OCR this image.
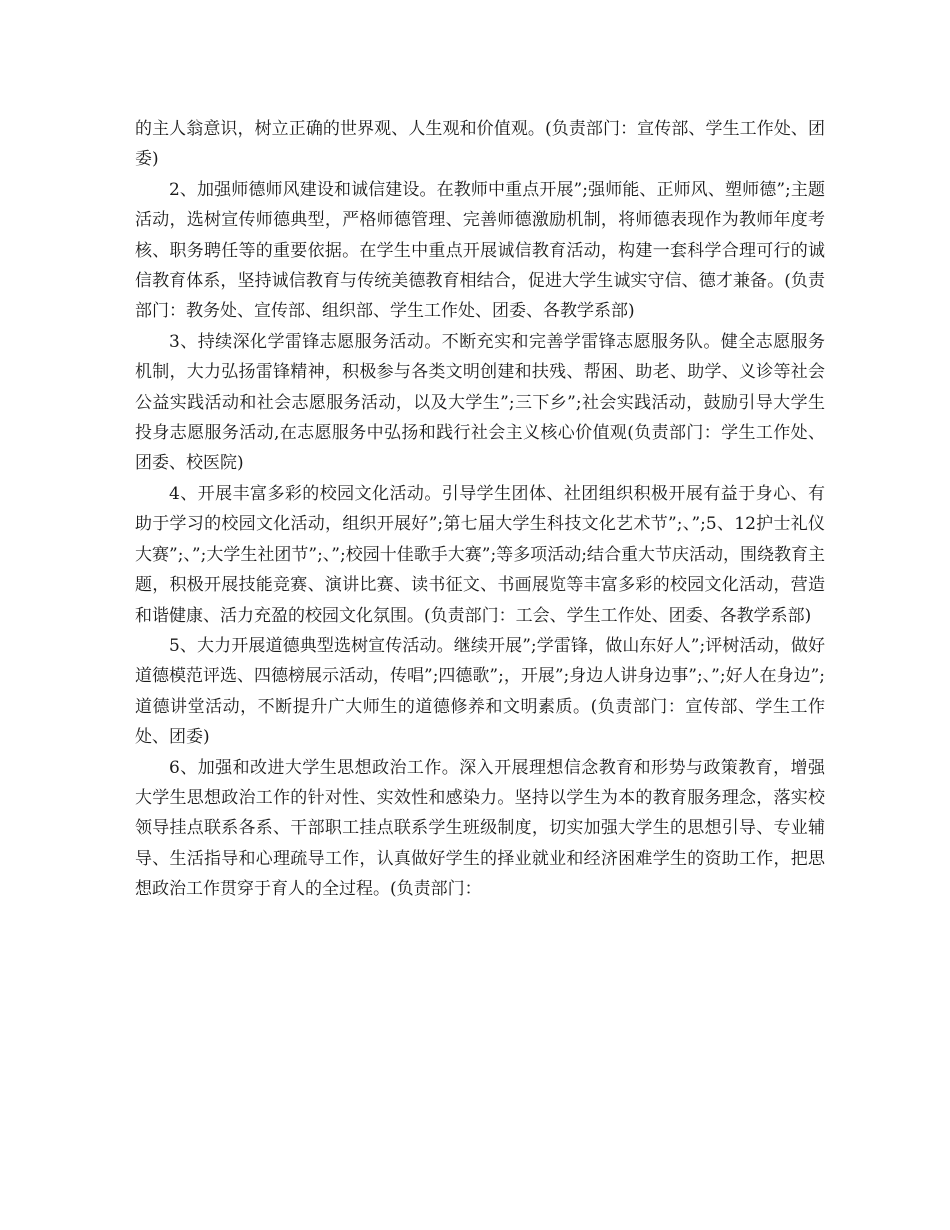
的主人翁意识，树立正确的世界观、人生观和价值观。(负责部门：宣传部、学生工作处、团委)

2、加强师德师风建设和诚信建设。在教师中重点开展”;强师能、正师风、塑师德”;主题活动，选树宣传师德典型，严格师德管理、完善师德激励机制，将师德表现作为教师年度考核、职务聘任等的重要依据。在学生中重点开展诚信教育活动，构建一套科学合理可行的诚信教育体系，坚持诚信教育与传统美德教育相结合，促进大学生诚实守信、德才兼备。(负责部门：教务处、宣传部、组织部、学生工作处、团委、各教学系部)

3、持续深化学雷锋志愿服务活动。不断充实和完善学雷锋志愿服务队。健全志愿服务机制，大力弘扬雷锋精神，积极参与各类文明创建和扶残、帮困、助老、助学、义诊等社会公益实践活动和社会志愿服务活动，以及大学生”;三下乡”;社会实践活动，鼓励引导大学生投身志愿服务活动,在志愿服务中弘扬和践行社会主义核心价值观(负责部门：学生工作处、团委、校医院)

4、开展丰富多彩的校园文化活动。引导学生团体、社团组织积极开展有益于身心、有助于学习的校园文化活动，组织开展好”;第七届大学生科技文化艺术节”;、”;5、12护士礼仪大赛”;、”;大学生社团节”;、”;校园十佳歌手大赛”;等多项活动;结合重大节庆活动，围绕教育主题，积极开展技能竞赛、演讲比赛、读书征文、书画展览等丰富多彩的校园文化活动，营造和谐健康、活力充盈的校园文化氛围。(负责部门：工会、学生工作处、团委、各教学系部)

5、大力开展道德典型选树宣传活动。继续开展”;学雷锋，做山东好人”;评树活动，做好道德模范评选、四德榜展示活动，传唱”;四德歌”;，开展”;身边人讲身边事”;、”;好人在身边”;道德讲堂活动，不断提升广大师生的道德修养和文明素质。(负责部门：宣传部、学生工作处、团委)

6、加强和改进大学生思想政治工作。深入开展理想信念教育和形势与政策教育，增强大学生思想政治工作的针对性、实效性和感染力。坚持以学生为本的教育服务理念，落实校领导挂点联系各系、干部职工挂点联系学生班级制度，切实加强大学生的思想引导、专业辅导、生活指导和心理疏导工作，认真做好学生的择业就业和经济困难学生的资助工作，把思想政治工作贯穿于育人的全过程。(负责部门：
